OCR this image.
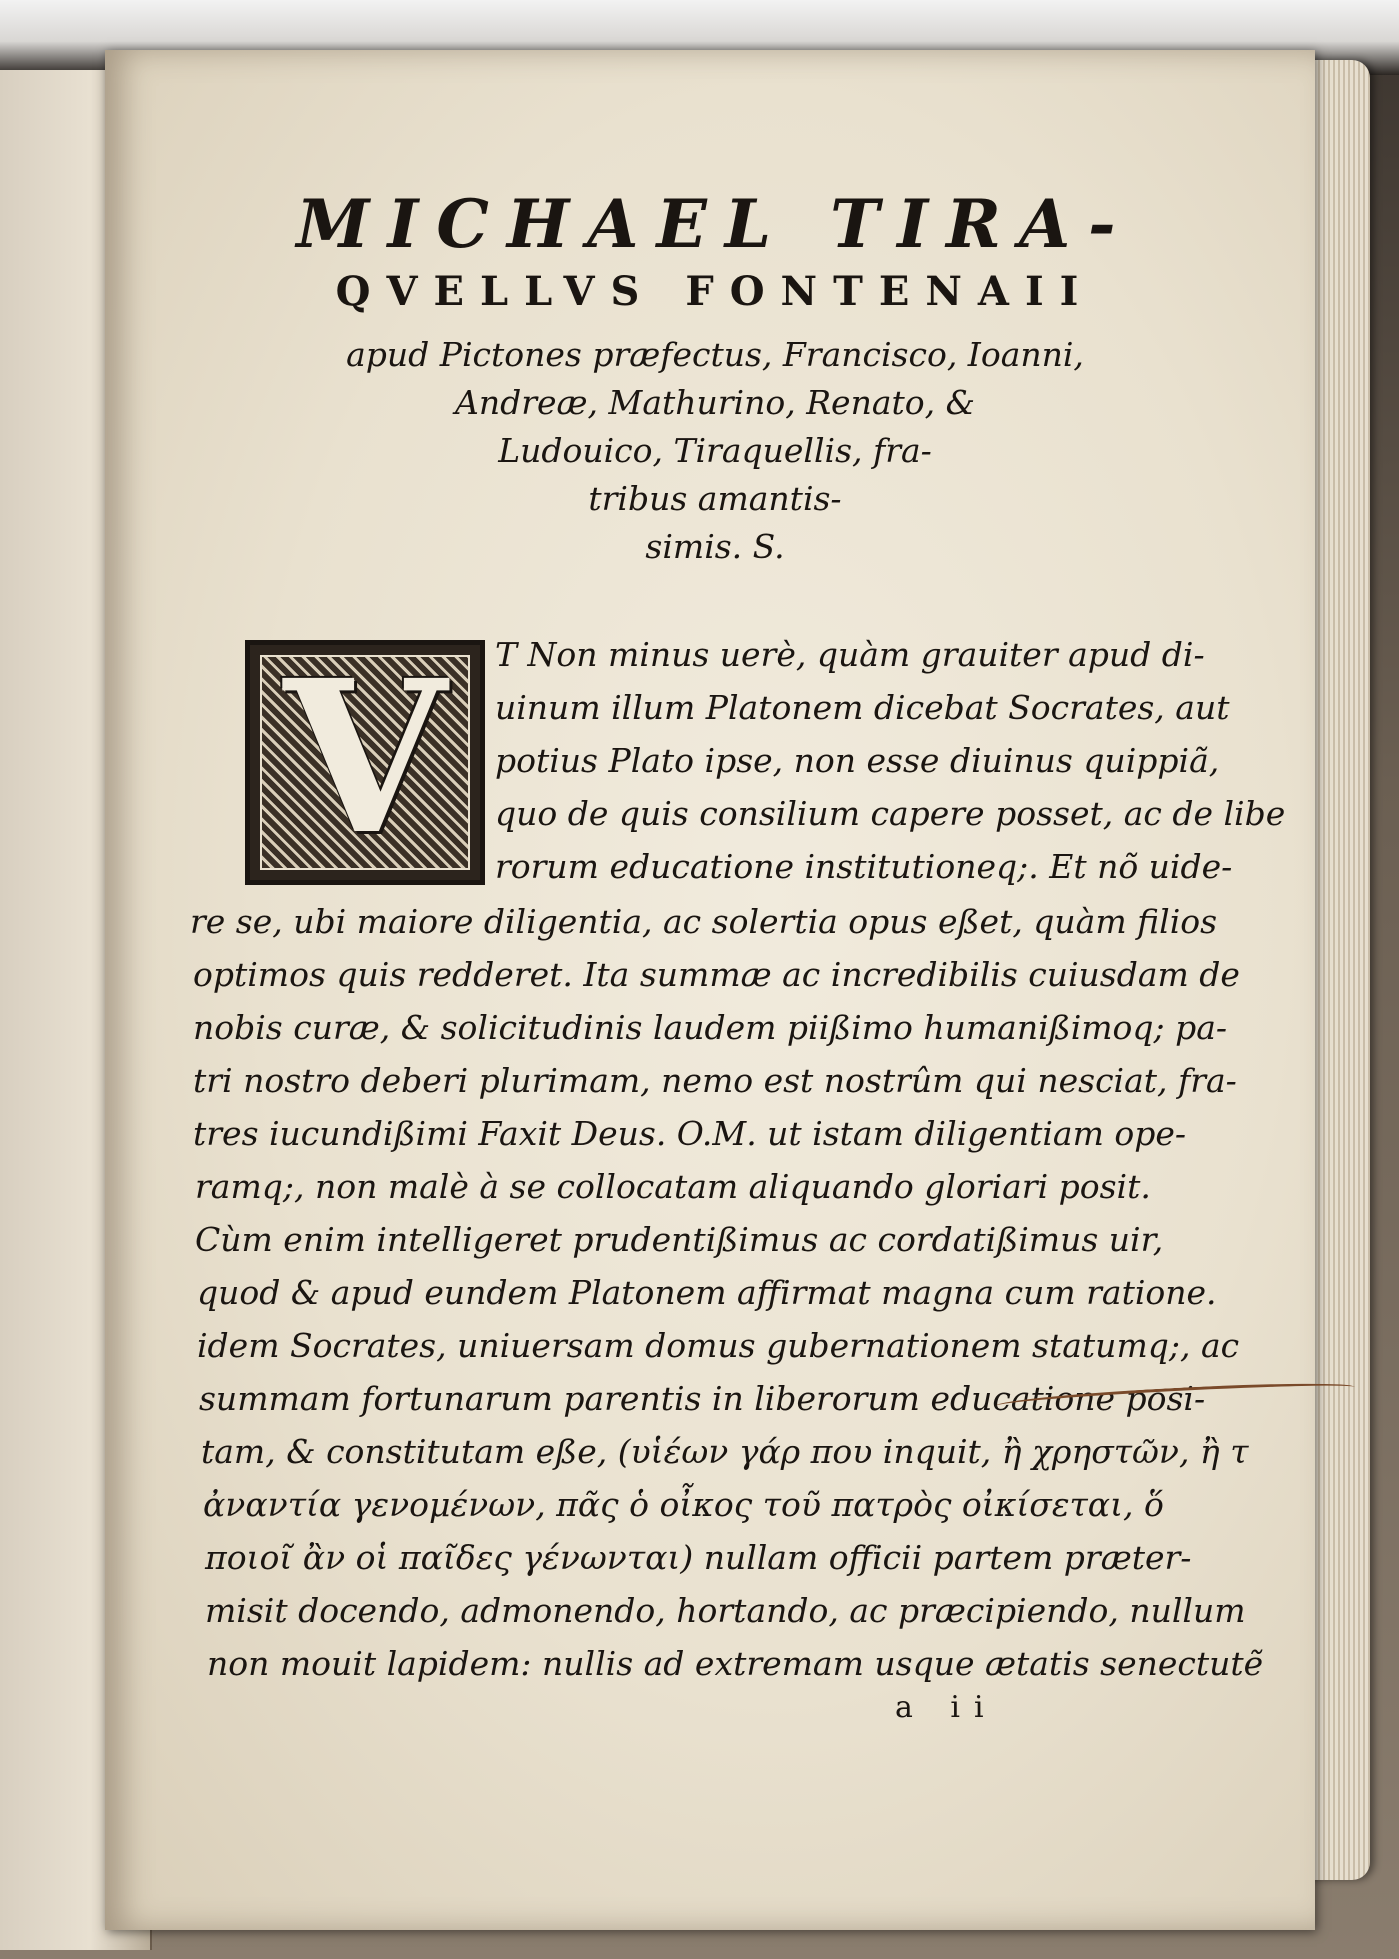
MICHAEL TIRA-

QVELLVS FONTENAII

apud Pictones præfectus, Francisco, Ioanni,

Andreæ, Mathurino, Renato, &

Ludouico, Tiraquellis, fra-

tribus amantis-

simis. S.

V	T Non minus uerè, quàm grauiter apud di-

uinum illum Platonem dicebat Socrates, aut

potius Plato ipse, non esse diuinus quippiã,

quo de quis consilium capere posset, ac de libe

rorum educatione institutioneq;. Et nõ uide-

re se, ubi maiore diligentia, ac solertia opus eßet, quàm filios

optimos quis redderet. Ita summæ ac incredibilis cuiusdam de

nobis curæ, & solicitudinis laudem piißimo humanißimoq; pa-

tri nostro deberi plurimam, nemo est nostrûm qui nesciat, fra-

tres iucundißimi Faxit Deus. O.M. ut istam diligentiam ope-

ramq;, non malè à se collocatam aliquando gloriari posit.

Cùm enim intelligeret prudentißimus ac cordatißimus uir,

quod & apud eundem Platonem affirmat magna cum ratione.

idem Socrates, uniuersam domus gubernationem statumq;, ac

summam fortunarum parentis in liberorum educatione posi-

tam, & constitutam eße, (υἱέων γάρ που inquit, ἢ χρηστῶν, ἢ τ

ἀναντία γενομένων, πᾶς ὁ οἶκος τοῦ πατρὸς οἰκίσεται, ὅ

ποιοῖ ἂν οἱ παῖδες γένωνται) nullam officii partem præter-

misit docendo, admonendo, hortando, ac præcipiendo, nullum

non mouit lapidem: nullis ad extremam usque ætatis senectutẽ

a ii
